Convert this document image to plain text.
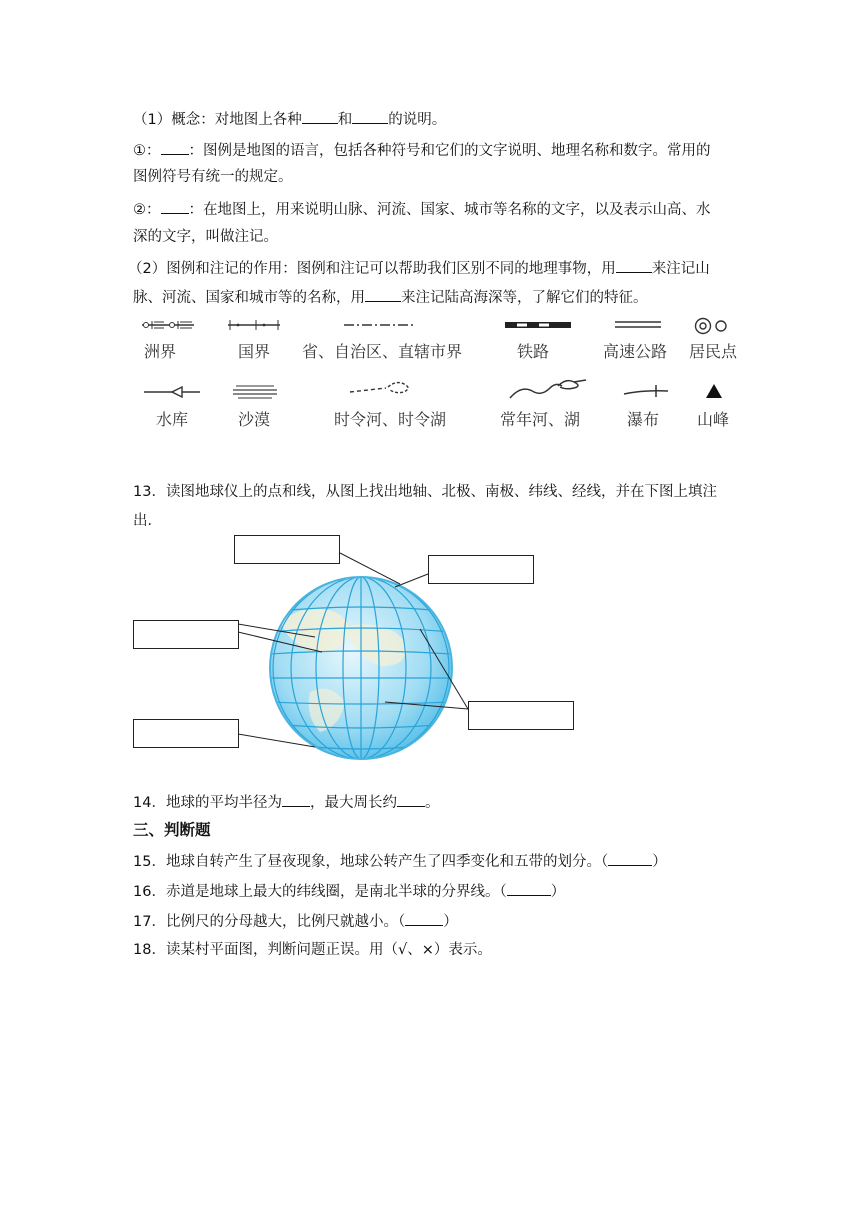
（1）概念：对地图上各种 和 的说明。
①： ：图例是地图的语言，包括各种符号和它们的文字说明、地理名称和数字。常用的
图例符号有统一的规定。
②： ：在地图上，用来说明山脉、河流、国家、城市等名称的文字，以及表示山高、水
深的文字，叫做注记。
（2）图例和注记的作用：图例和注记可以帮助我们区别不同的地理事物，用 来注记山
脉、河流、国家和城市等的名称，用 来注记陆高海深等，了解它们的特征。
洲界	国界 省、自治区、直辖市界	铁路	高速公路 居民点
水库	沙漠	时令河、时令湖	常年河、湖	瀑布 山峰
13．读图地球仪上的点和线，从图上找出地轴、北极、南极、纬线、经线，并在下图上填注
出．
14．地球的平均半径为 ，最大周长约 。
三、判断题
15．地球自转产生了昼夜现象，地球公转产生了四季变化和五带的划分。（	）
16．赤道是地球上最大的纬线圈，是南北半球的分界线。（	）
17．比例尺的分母越大，比例尺就越小。（	）
18．读某村平面图，判断问题正误。用（√、×）表示。
